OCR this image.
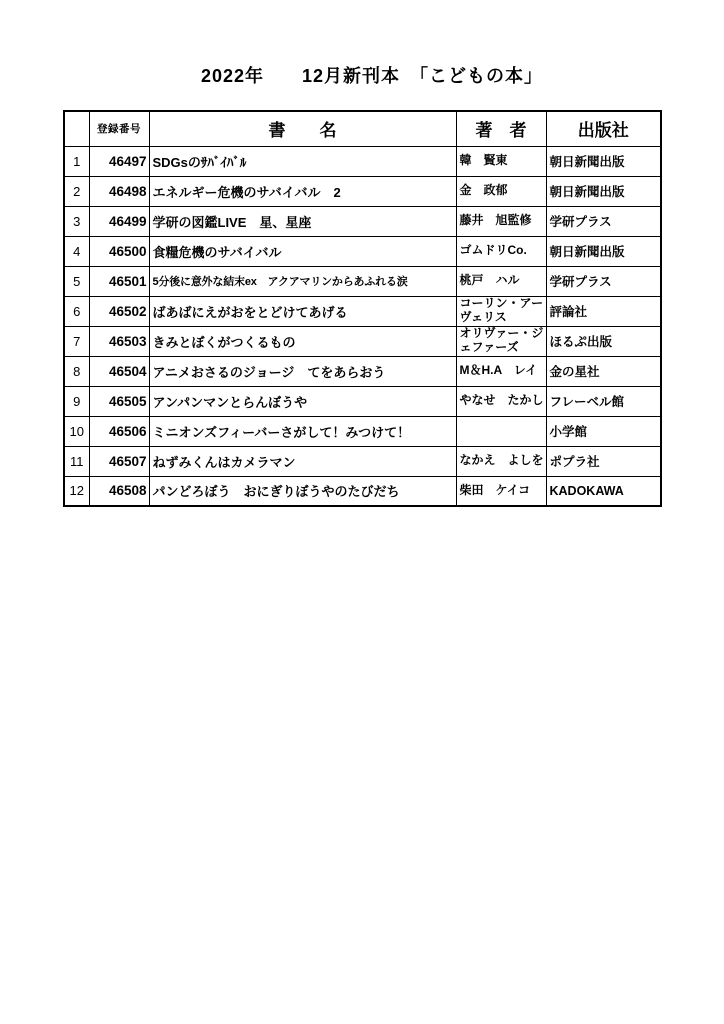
2022年　　12月新刊本　「こどもの本」
	登録番号	書　　名	著　者	出版社
1	46497	SDGsのｻﾊﾞｲﾊﾞﾙ	韓　賢東	朝日新聞出版
2	46498	エネルギー危機のサバイバル　2	金　政郁	朝日新聞出版
3	46499	学研の図鑑LIVE　星、星座	藤井　旭監修	学研プラス
4	46500	食糧危機のサバイバル	ゴムドリCo.	朝日新聞出版
5	46501	5分後に意外な結末ex　アクアマリンからあふれる涙	桃戸　ハル	学研プラス
6	46502	ばあばにえがおをとどけてあげる	コーリン・アーヴェリス	評論社
7	46503	きみとぼくがつくるもの	オリヴァー・ジェファーズ	ほるぷ出版
8	46504	アニメおさるのジョージ　てをあらおう	M＆H.A　レイ	金の星社
9	46505	アンパンマンとらんぼうや	やなせ　たかし	フレーベル館
10	46506	ミニオンズフィーバーさがして！みつけて！		小学館
11	46507	ねずみくんはカメラマン	なかえ　よしを	ポプラ社
12	46508	パンどろぼう　おにぎりぼうやのたびだち	柴田　ケイコ	KADOKAWA
